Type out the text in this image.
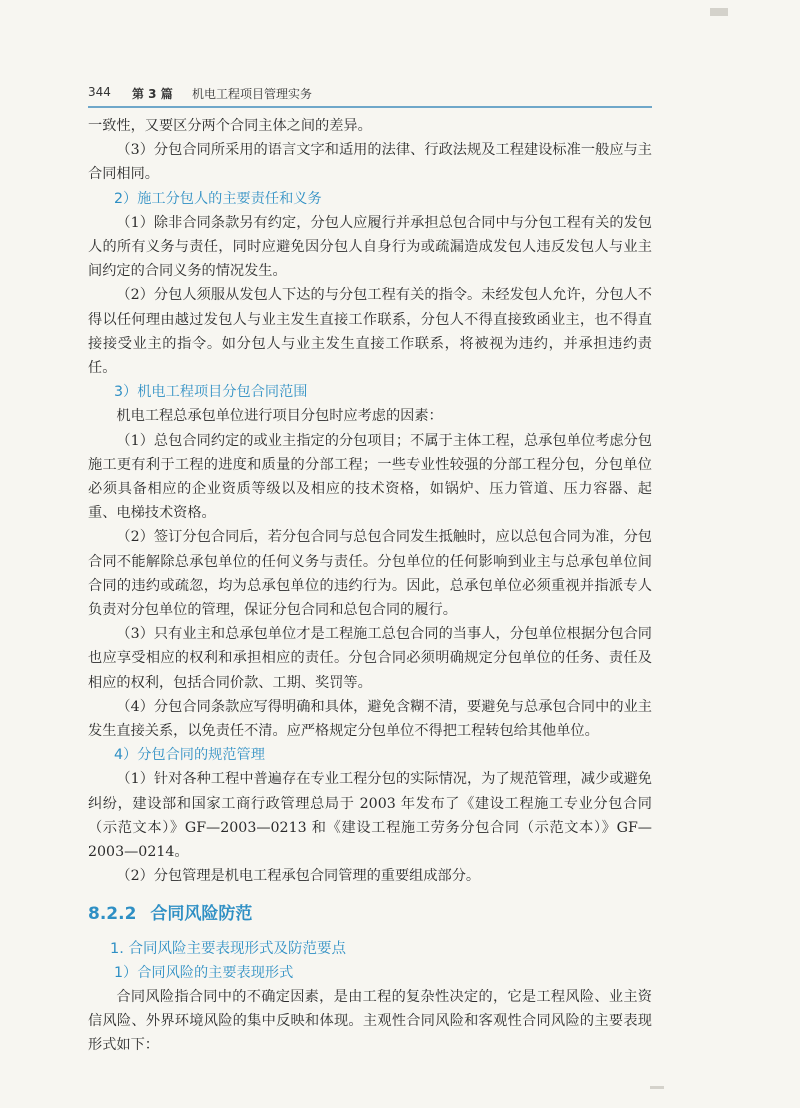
344 第 3 篇 机电工程项目管理实务

一致性，又要区分两个合同主体之间的差异。

（3）分包合同所采用的语言文字和适用的法律、行政法规及工程建设标准一般应与主合同相同。

2）施工分包人的主要责任和义务

（1）除非合同条款另有约定，分包人应履行并承担总包合同中与分包工程有关的发包人的所有义务与责任，同时应避免因分包人自身行为或疏漏造成发包人违反发包人与业主间约定的合同义务的情况发生。

（2）分包人须服从发包人下达的与分包工程有关的指令。未经发包人允许，分包人不得以任何理由越过发包人与业主发生直接工作联系，分包人不得直接致函业主，也不得直接接受业主的指令。如分包人与业主发生直接工作联系，将被视为违约，并承担违约责任。

3）机电工程项目分包合同范围

机电工程总承包单位进行项目分包时应考虑的因素：

（1）总包合同约定的或业主指定的分包项目；不属于主体工程，总承包单位考虑分包施工更有利于工程的进度和质量的分部工程；一些专业性较强的分部工程分包，分包单位必须具备相应的企业资质等级以及相应的技术资格，如锅炉、压力管道、压力容器、起重、电梯技术资格。

（2）签订分包合同后，若分包合同与总包合同发生抵触时，应以总包合同为准，分包合同不能解除总承包单位的任何义务与责任。分包单位的任何影响到业主与总承包单位间合同的违约或疏忽，均为总承包单位的违约行为。因此，总承包单位必须重视并指派专人负责对分包单位的管理，保证分包合同和总包合同的履行。

（3）只有业主和总承包单位才是工程施工总包合同的当事人，分包单位根据分包合同也应享受相应的权利和承担相应的责任。分包合同必须明确规定分包单位的任务、责任及相应的权利，包括合同价款、工期、奖罚等。

（4）分包合同条款应写得明确和具体，避免含糊不清，要避免与总承包合同中的业主发生直接关系，以免责任不清。应严格规定分包单位不得把工程转包给其他单位。

4）分包合同的规范管理

（1）针对各种工程中普遍存在专业工程分包的实际情况，为了规范管理，减少或避免纠纷，建设部和国家工商行政管理总局于 2003 年发布了《建设工程施工专业分包合同（示范文本）》GF—2003—0213 和《建设工程施工劳务分包合同（示范文本）》GF—2003—0214。

（2）分包管理是机电工程承包合同管理的重要组成部分。

8.2.2 合同风险防范
1. 合同风险主要表现形式及防范要点
1）合同风险的主要表现形式

合同风险指合同中的不确定因素，是由工程的复杂性决定的，它是工程风险、业主资信风险、外界环境风险的集中反映和体现。主观性合同风险和客观性合同风险的主要表现形式如下：
